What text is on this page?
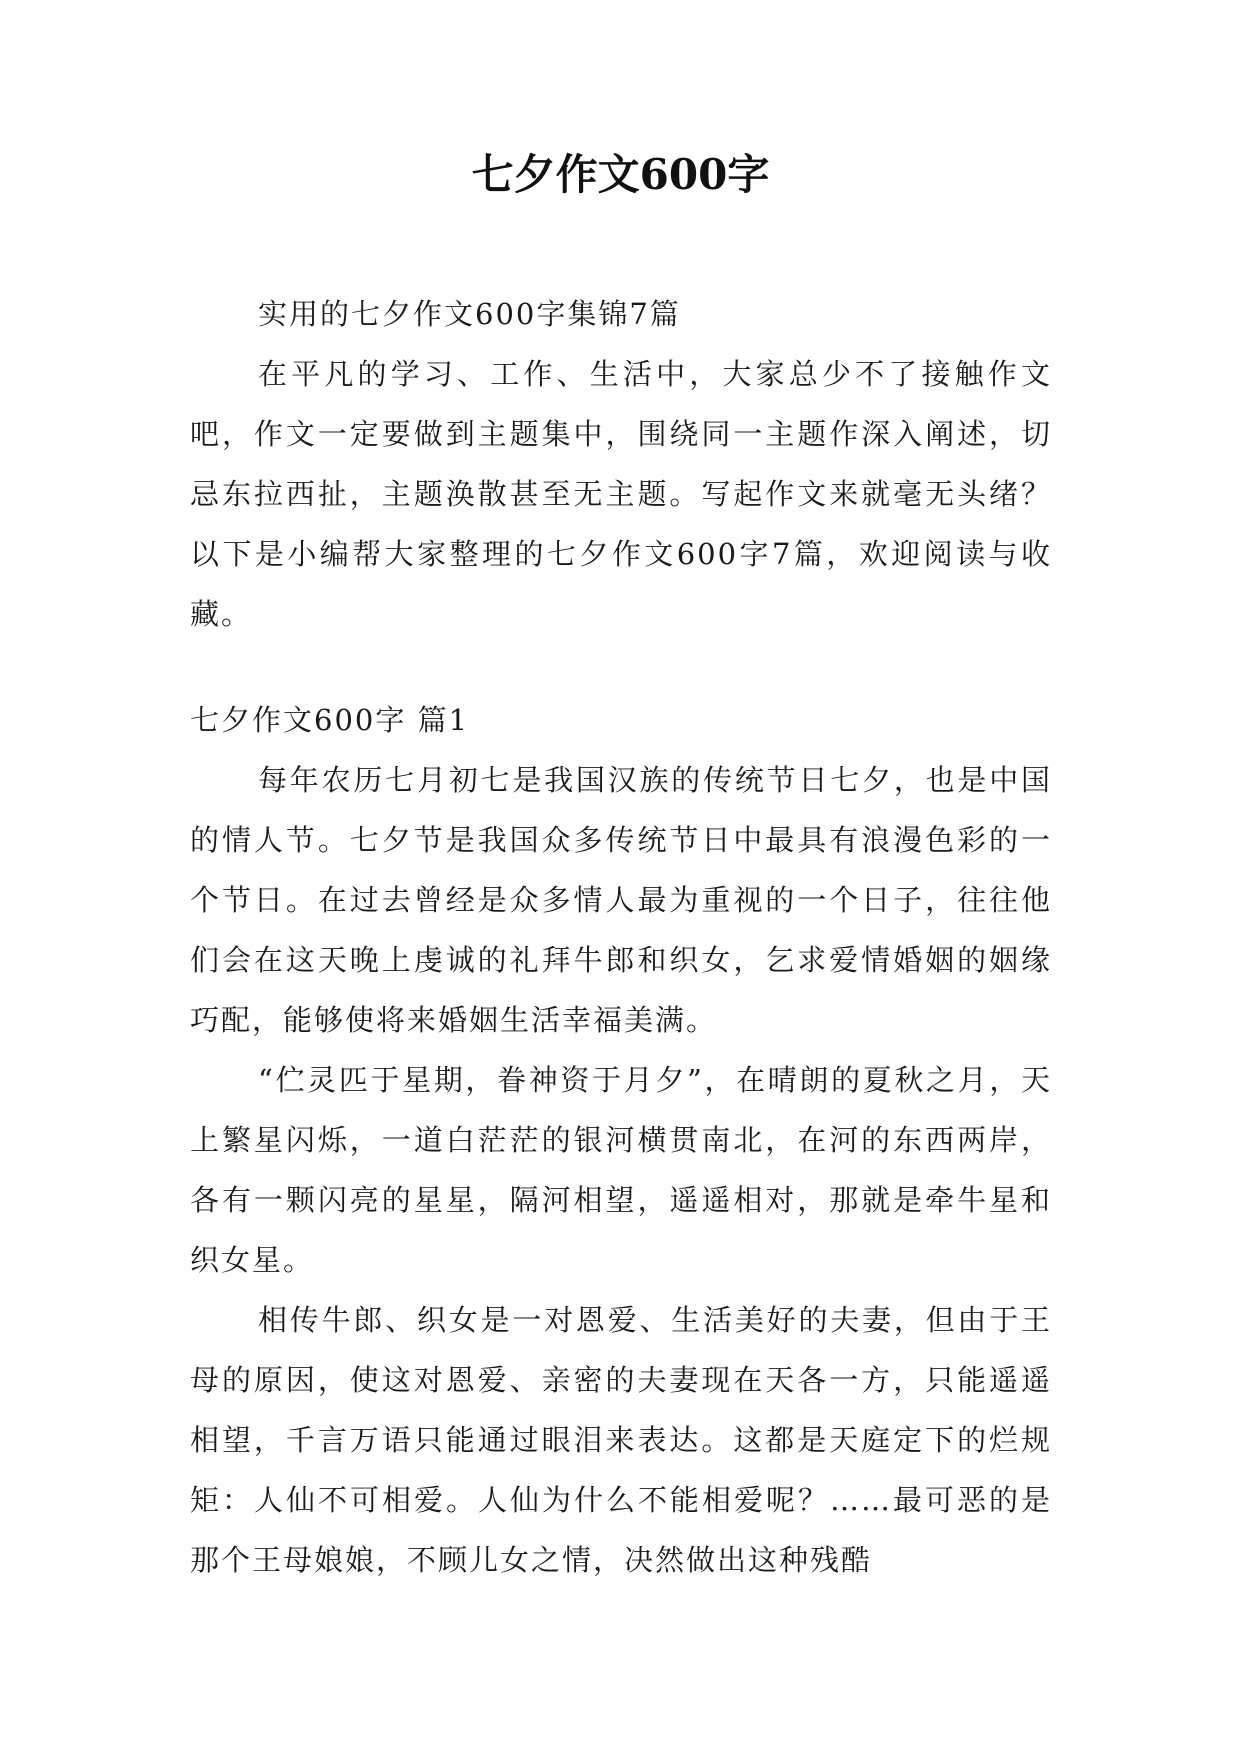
七夕作文600字

实用的七夕作文600字集锦7篇

在平凡的学习、工作、生活中，大家总少不了接触作文吧，作文一定要做到主题集中，围绕同一主题作深入阐述，切忌东拉西扯，主题涣散甚至无主题。写起作文来就毫无头绪？以下是小编帮大家整理的七夕作文600字7篇，欢迎阅读与收藏。

七夕作文600字 篇1

每年农历七月初七是我国汉族的传统节日七夕，也是中国的情人节。七夕节是我国众多传统节日中最具有浪漫色彩的一个节日。在过去曾经是众多情人最为重视的一个日子，往往他们会在这天晚上虔诚的礼拜牛郎和织女，乞求爱情婚姻的姻缘巧配，能够使将来婚姻生活幸福美满。

“伫灵匹于星期，眷神资于月夕”，在晴朗的夏秋之月，天上繁星闪烁，一道白茫茫的银河横贯南北，在河的东西两岸，各有一颗闪亮的星星，隔河相望，遥遥相对，那就是牵牛星和织女星。

相传牛郎、织女是一对恩爱、生活美好的夫妻，但由于王母的原因，使这对恩爱、亲密的夫妻现在天各一方，只能遥遥相望，千言万语只能通过眼泪来表达。这都是天庭定下的烂规矩：人仙不可相爱。人仙为什么不能相爱呢？……最可恶的是那个王母娘娘，不顾儿女之情，决然做出这种残酷
